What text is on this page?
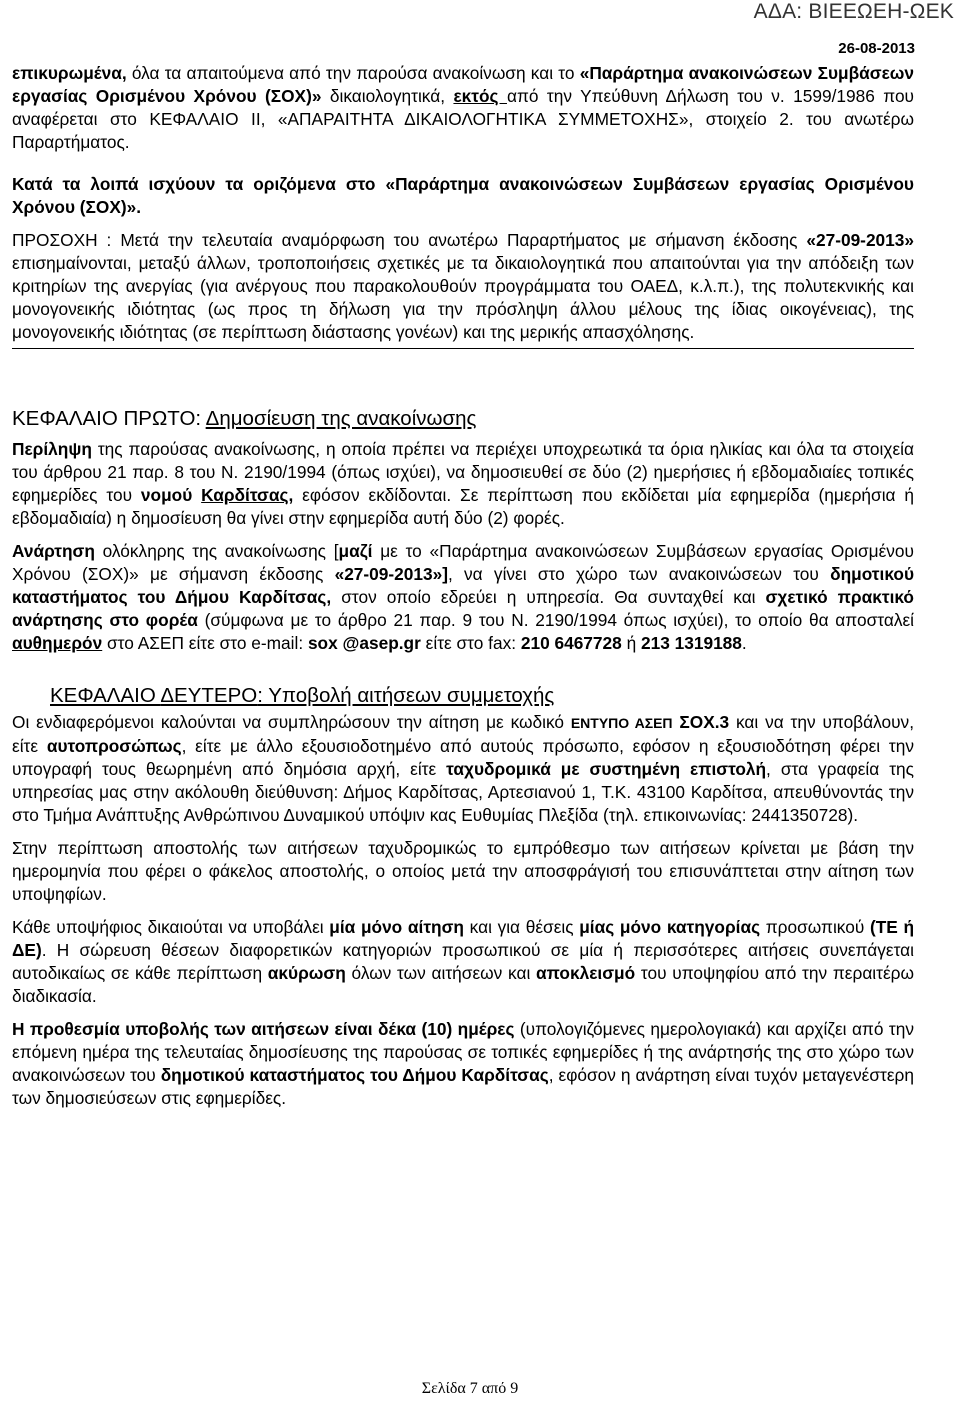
ΑΔΑ: ΒΙΕΕΩΕΗ-ΩΕΚ
26-08-2013

επικυρωμένα, όλα τα απαιτούμενα από την παρούσα ανακοίνωση και το «Παράρτημα ανακοινώσεων Συμβάσεων εργασίας Ορισμένου Χρόνου (ΣΟΧ)» δικαιολογητικά, εκτός από την Υπεύθυνη Δήλωση του ν. 1599/1986 που αναφέρεται στο ΚΕΦΑΛΑΙΟ ΙΙ, «ΑΠΑΡΑΙΤΗΤΑ ΔΙΚΑΙΟΛΟΓΗΤΙΚΑ ΣΥΜΜΕΤΟΧΗΣ», στοιχείο 2. του ανωτέρω Παραρτήματος.

Κατά τα λοιπά ισχύουν τα οριζόμενα στο «Παράρτημα ανακοινώσεων Συμβάσεων εργασίας Ορισμένου Χρόνου (ΣΟΧ)».

ΠΡΟΣΟΧΗ : Μετά την τελευταία αναμόρφωση του ανωτέρω Παραρτήματος με σήμανση έκδοσης «27-09-2013» επισημαίνονται, μεταξύ άλλων, τροποποιήσεις σχετικές με τα δικαιολογητικά που απαιτούνται για την απόδειξη των κριτηρίων της ανεργίας (για ανέργους που παρακολουθούν προγράμματα του ΟΑΕΔ, κ.λ.π.), της πολυτεκνικής και μονογονεικής ιδιότητας (ως προς τη δήλωση για την πρόσληψη άλλου μέλους της ίδιας οικογένειας), της μονογονεικής ιδιότητας (σε περίπτωση διάστασης γονέων) και της μερικής απασχόλησης.

ΚΕΦΑΛΑΙΟ ΠΡΩΤΟ: Δημοσίευση της ανακοίνωσης

Περίληψη της παρούσας ανακοίνωσης, η οποία πρέπει να περιέχει υποχρεωτικά τα όρια ηλικίας και όλα τα στοιχεία του άρθρου 21 παρ. 8 του Ν. 2190/1994 (όπως ισχύει), να δημοσιευθεί σε δύο (2) ημερήσιες ή εβδομαδιαίες τοπικές εφημερίδες του νομού Καρδίτσας, εφόσον εκδίδονται. Σε περίπτωση που εκδίδεται μία εφημερίδα (ημερήσια ή εβδομαδιαία) η δημοσίευση θα γίνει στην εφημερίδα αυτή δύο (2) φορές.

Ανάρτηση ολόκληρης της ανακοίνωσης [μαζί με το «Παράρτημα ανακοινώσεων Συμβάσεων εργασίας Ορισμένου Χρόνου (ΣΟΧ)» με σήμανση έκδοσης «27-09-2013»], να γίνει στο χώρο των ανακοινώσεων του δημοτικού καταστήματος του Δήμου Καρδίτσας, στον οποίο εδρεύει η υπηρεσία. Θα συνταχθεί και σχετικό πρακτικό ανάρτησης στο φορέα (σύμφωνα με το άρθρο 21 παρ. 9 του Ν. 2190/1994 όπως ισχύει), το οποίο θα αποσταλεί αυθημερόν στο ΑΣΕΠ είτε στο e-mail: sox @asep.gr είτε στο fax: 210 6467728 ή 213 1319188.

ΚΕΦΑΛΑΙΟ ΔΕΥΤΕΡΟ: Υποβολή αιτήσεων συμμετοχής

Οι ενδιαφερόμενοι καλούνται να συμπληρώσουν την αίτηση με κωδικό ΕΝΤΥΠΟ ΑΣΕΠ ΣΟΧ.3 και να την υποβάλουν, είτε αυτοπροσώπως, είτε με άλλο εξουσιοδοτημένο από αυτούς πρόσωπο, εφόσον η εξουσιοδότηση φέρει την υπογραφή τους θεωρημένη από δημόσια αρχή, είτε ταχυδρομικά με συστημένη επιστολή, στα γραφεία της υπηρεσίας μας στην ακόλουθη διεύθυνση: Δήμος Καρδίτσας, Αρτεσιανού 1, Τ.Κ. 43100 Καρδίτσα, απευθύνοντάς την στο Τμήμα Ανάπτυξης Ανθρώπινου Δυναμικού υπόψιν κας Ευθυμίας Πλεξίδα (τηλ. επικοινωνίας: 2441350728).

Στην περίπτωση αποστολής των αιτήσεων ταχυδρομικώς το εμπρόθεσμο των αιτήσεων κρίνεται με βάση την ημερομηνία που φέρει ο φάκελος αποστολής, ο οποίος μετά την αποσφράγισή του επισυνάπτεται στην αίτηση των υποψηφίων.

Κάθε υποψήφιος δικαιούται να υποβάλει μία μόνο αίτηση και για θέσεις μίας μόνο κατηγορίας προσωπικού (ΤΕ ή ΔΕ). Η σώρευση θέσεων διαφορετικών κατηγοριών προσωπικού σε μία ή περισσότερες αιτήσεις συνεπάγεται αυτοδικαίως σε κάθε περίπτωση ακύρωση όλων των αιτήσεων και αποκλεισμό του υποψηφίου από την περαιτέρω διαδικασία.

Η προθεσμία υποβολής των αιτήσεων είναι δέκα (10) ημέρες (υπολογιζόμενες ημερολογιακά) και αρχίζει από την επόμενη ημέρα της τελευταίας δημοσίευσης της παρούσας σε τοπικές εφημερίδες ή της ανάρτησής της στο χώρο των ανακοινώσεων του δημοτικού καταστήματος του Δήμου Καρδίτσας, εφόσον η ανάρτηση είναι τυχόν μεταγενέστερη των δημοσιεύσεων στις εφημερίδες.

Σελίδα 7 από 9
